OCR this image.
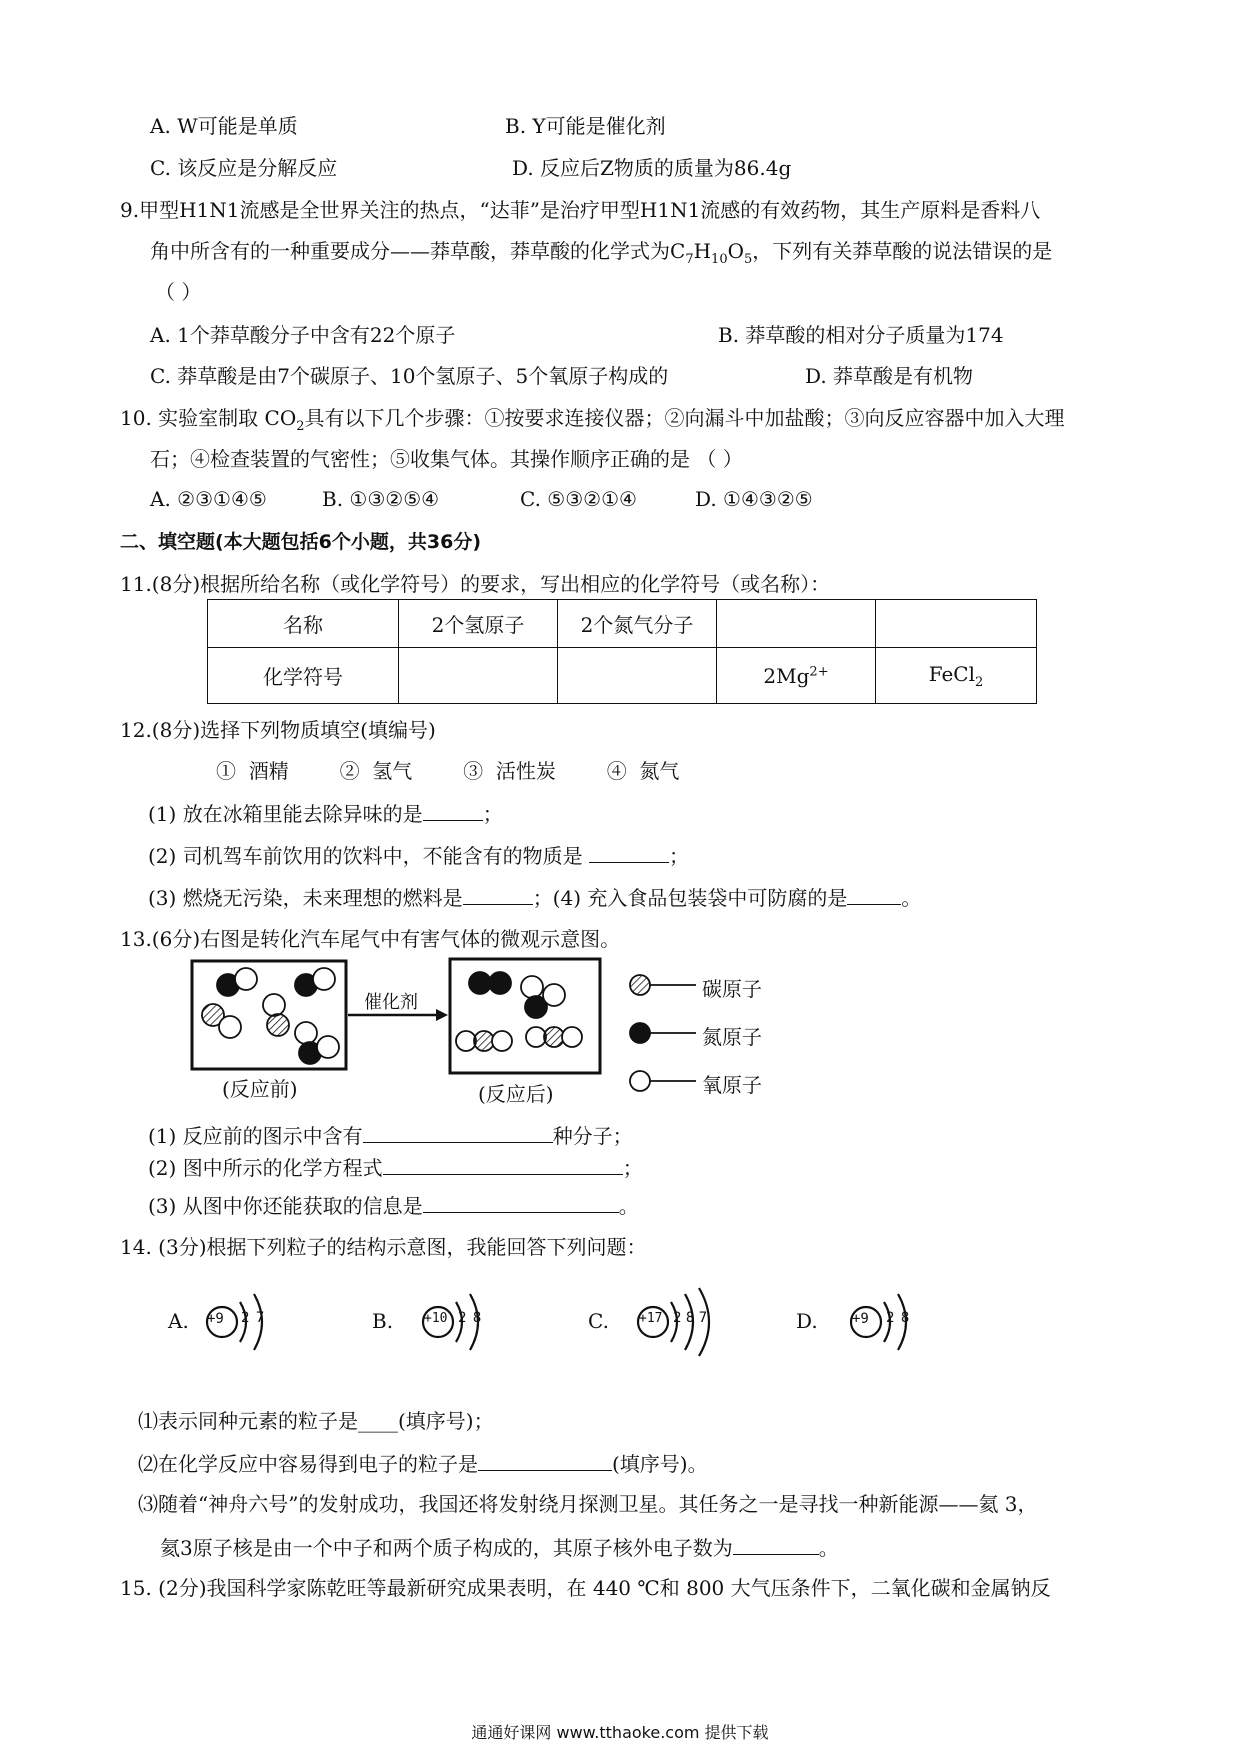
A. W可能是单质	B. Y可能是催化剂
C. 该反应是分解反应	D. 反应后Z物质的质量为86.4g
9.甲型H1N1流感是全世界关注的热点，“达菲”是治疗甲型H1N1流感的有效药物，其生产原料是香料八
角中所含有的一种重要成分——莽草酸，莽草酸的化学式为$C_7H_{10}O_5$，下列有关莽草酸的说法错误的是
（ ）
A. 1个莽草酸分子中含有22个原子	B. 莽草酸的相对分子质量为174
C. 莽草酸是由7个碳原子、10个氢原子、5个氧原子构成的	D. 莽草酸是有机物
10. 实验室制取 $CO_2$具有以下几个步骤：①按要求连接仪器；②向漏斗中加盐酸；③向反应容器中加入大理
石；④检查装置的气密性；⑤收集气体。其操作顺序正确的是 （ ）
A. ②③①④⑤	B. ①③②⑤④	C. ⑤③②①④	D. ①④③②⑤
二、填空题(本大题包括6个小题，共36分)
11.(8分)根据所给名称（或化学符号）的要求，写出相应的化学符号（或名称）：
名称	2个氢原子	2个氮气分子		
化学符号			$2Mg^{2+}$	FeCl$_2$
12.(8分)选择下列物质填空(填编号)
①  酒精        ②  氢气        ③  活性炭        ④  氮气
(1) 放在冰箱里能去除异味的是	；
(2) 司机驾车前饮用的饮料中，不能含有的物质是	；
(3) 燃烧无污染，未来理想的燃料是	；(4) 充入食品包装袋中可防腐的是	。
13.(6分)右图是转化汽车尾气中有害气体的微观示意图。
催化剂
(反应前)	(反应后)
碳原子
氮原子
氧原子
(1) 反应前的图示中含有	种分子；
(2) 图中所示的化学方程式	；
(3) 从图中你还能获取的信息是	。
14. (3分)根据下列粒子的结构示意图，我能回答下列问题：
A.	B.	C.	D.
+9	+10	+17	+9
2 7	2 8	2 8 7	2 8
⑴表示同种元素的粒子是____(填序号)；
⑵在化学反应中容易得到电子的粒子是	(填序号)。
⑶随着“神舟六号”的发射成功，我国还将发射绕月探测卫星。其任务之一是寻找一种新能源——氦 3，
氦3原子核是由一个中子和两个质子构成的，其原子核外电子数为	。
15. (2分)我国科学家陈乾旺等最新研究成果表明，在 440 ℃和 800 大气压条件下，二氧化碳和金属钠反
通通好课网 www.tthaoke.com 提供下载
